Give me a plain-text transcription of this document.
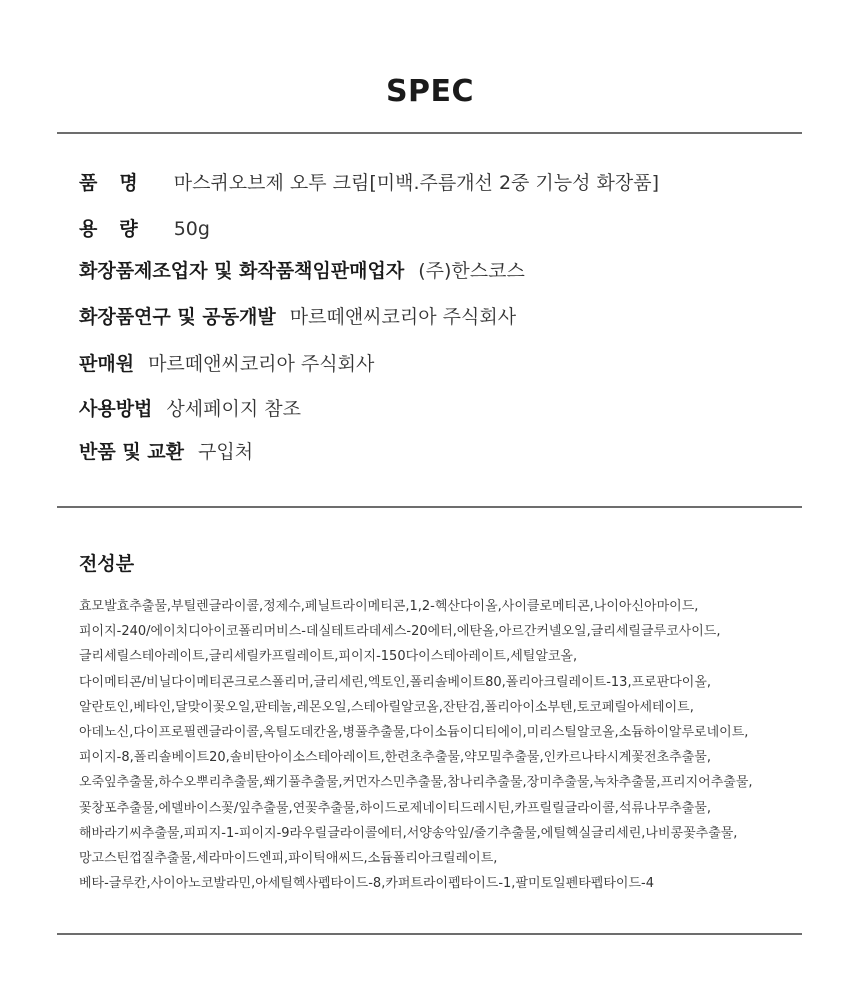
SPEC
품명 마스퀴오브제 오투 크림[미백.주름개선 2중 기능성 화장품]
용량 50g
화장품제조업자 및 화작품책임판매업자 (주)한스코스
화장품연구 및 공동개발 마르떼앤씨코리아 주식회사
판매원 마르떼앤씨코리아 주식회사
사용방법 상세페이지 참조
반품 및 교환 구입처
전성분
효모발효추출물,부틸렌글라이콜,정제수,페닐트라이메티콘,1,2-헥산다이올,사이클로메티콘,나이아신아마이드,
피이지-240/에이치디아이코폴리머비스-데실테트라데세스-20에터,에탄올,아르간커넬오일,글리세릴글루코사이드,
글리세릴스테아레이트,글리세릴카프릴레이트,피이지-150다이스테아레이트,세틸알코올,
다이메티콘/비닐다이메티콘크로스폴리머,글리세린,엑토인,폴리솔베이트80,폴리아크릴레이트-13,프로판다이올,
알란토인,베타인,달맞이꽃오일,판테놀,레몬오일,스테아릴알코올,잔탄검,폴리아이소부텐,토코페릴아세테이트,
아데노신,다이프로필렌글라이콜,옥틸도데칸올,병풀추출물,다이소듐이디티에이,미리스틸알코올,소듐하이알루로네이트,
피이지-8,폴리솔베이트20,솔비탄아이소스테아레이트,한련초추출물,약모밀추출물,인카르나타시계꽃전초추출물,
오죽잎추출물,하수오뿌리추출물,쐐기풀추출물,커먼자스민추출물,참나리추출물,장미추출물,녹차추출물,프리지어추출물,
꽃창포추출물,에델바이스꽃/잎추출물,연꽃추출물,하이드로제네이티드레시틴,카프릴릴글라이콜,석류나무추출물,
해바라기씨추출물,피피지-1-피이지-9라우릴글라이콜에터,서양송악잎/줄기추출물,에틸헥실글리세린,나비콩꽃추출물,
망고스틴껍질추출물,세라마이드엔피,파이틱애씨드,소듐폴리아크릴레이트,
베타-글루칸,사이아노코발라민,아세틸헥사펩타이드-8,카퍼트라이펩타이드-1,팔미토일펜타펩타이드-4
